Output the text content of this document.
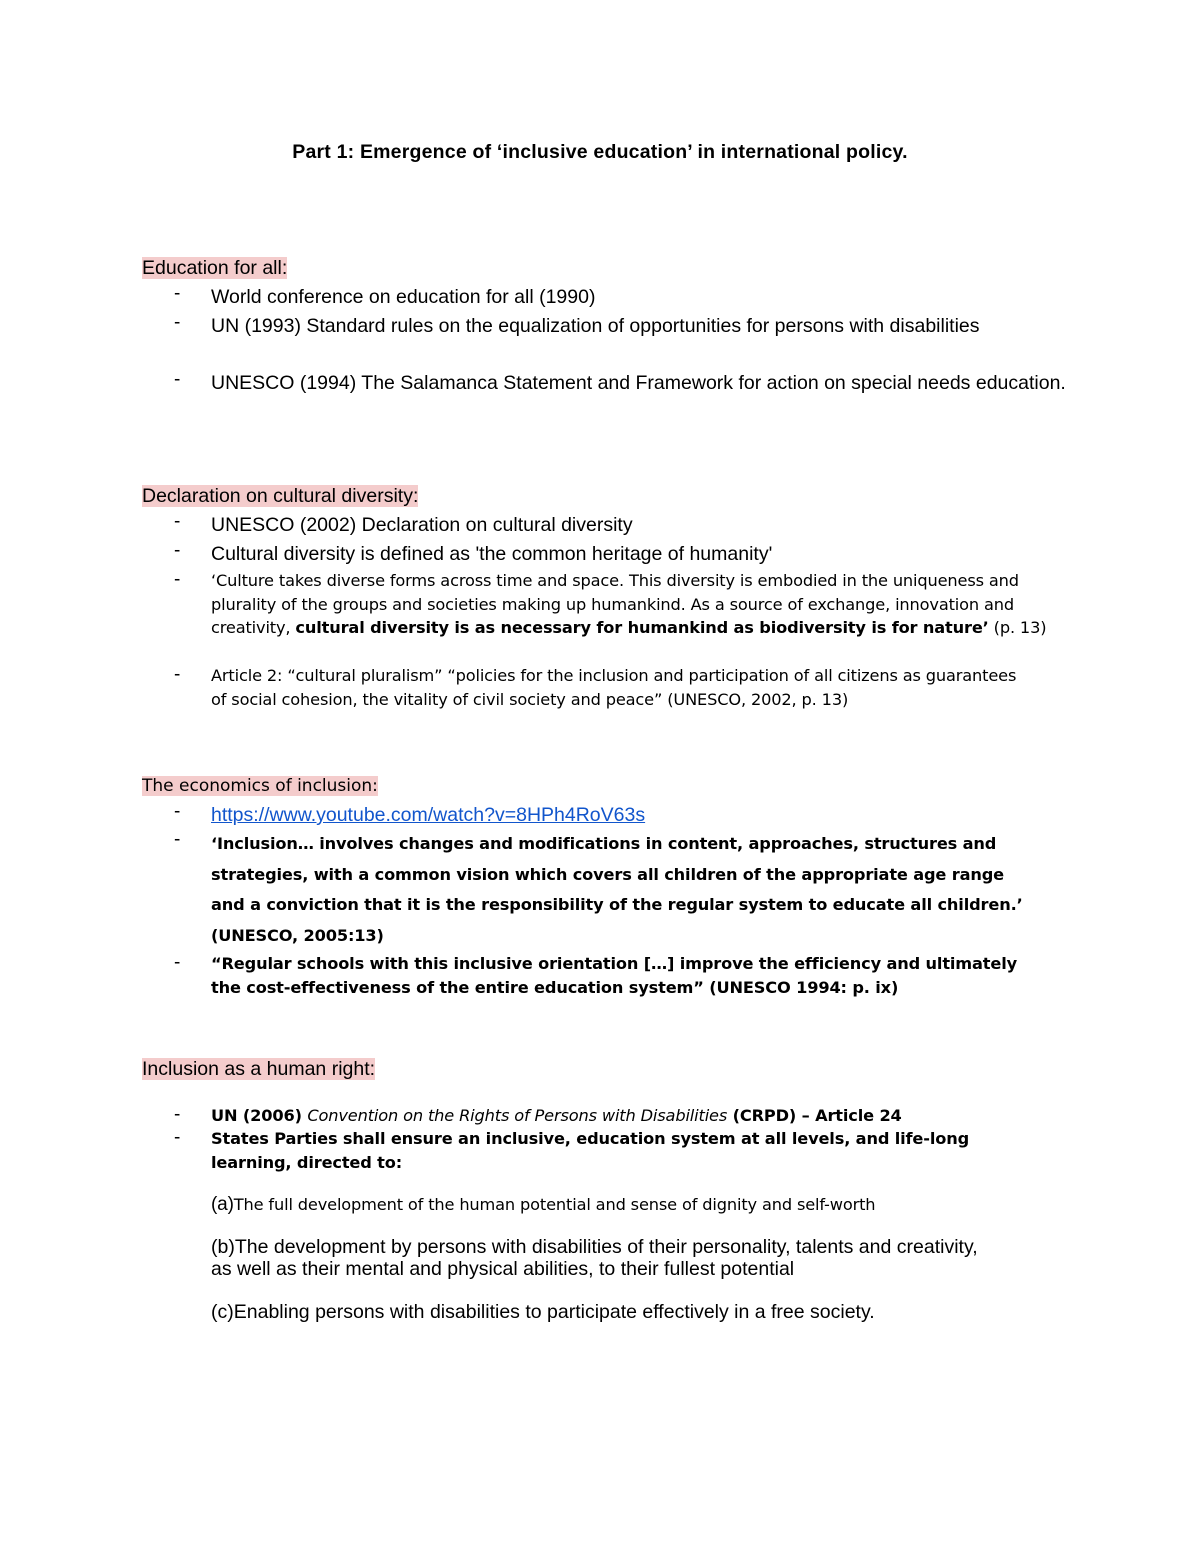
Part 1: Emergence of ‘inclusive education’ in international policy.
Education for all:
- World conference on education for all (1990)
- UN (1993) Standard rules on the equalization of opportunities for persons with disabilities
- UNESCO (1994) The Salamanca Statement and Framework for action on special needs education.
Declaration on cultural diversity:
- UNESCO (2002) Declaration on cultural diversity
- Cultural diversity is defined as 'the common heritage of humanity'
- ‘Culture takes diverse forms across time and space. This diversity is embodied in the uniqueness and plurality of the groups and societies making up humankind. As a source of exchange, innovation and creativity, cultural diversity is as necessary for humankind as biodiversity is for nature’ (p. 13)
- Article 2: “cultural pluralism” “policies for the inclusion and participation of all citizens as guarantees of social cohesion, the vitality of civil society and peace” (UNESCO, 2002, p. 13)
The economics of inclusion:
- https://www.youtube.com/watch?v=8HPh4RoV63s
- ‘Inclusion… involves changes and modifications in content, approaches, structures and strategies, with a common vision which covers all children of the appropriate age range and a conviction that it is the responsibility of the regular system to educate all children.’ (UNESCO, 2005:13)
- “Regular schools with this inclusive orientation […] improve the efficiency and ultimately the cost-effectiveness of the entire education system” (UNESCO 1994: p. ix)
Inclusion as a human right:
- UN (2006) Convention on the Rights of Persons with Disabilities (CRPD) – Article 24
- States Parties shall ensure an inclusive, education system at all levels, and life-long learning, directed to:
(a)The full development of the human potential and sense of dignity and self-worth
(b)The development by persons with disabilities of their personality, talents and creativity, as well as their mental and physical abilities, to their fullest potential
(c)Enabling persons with disabilities to participate effectively in a free society.
